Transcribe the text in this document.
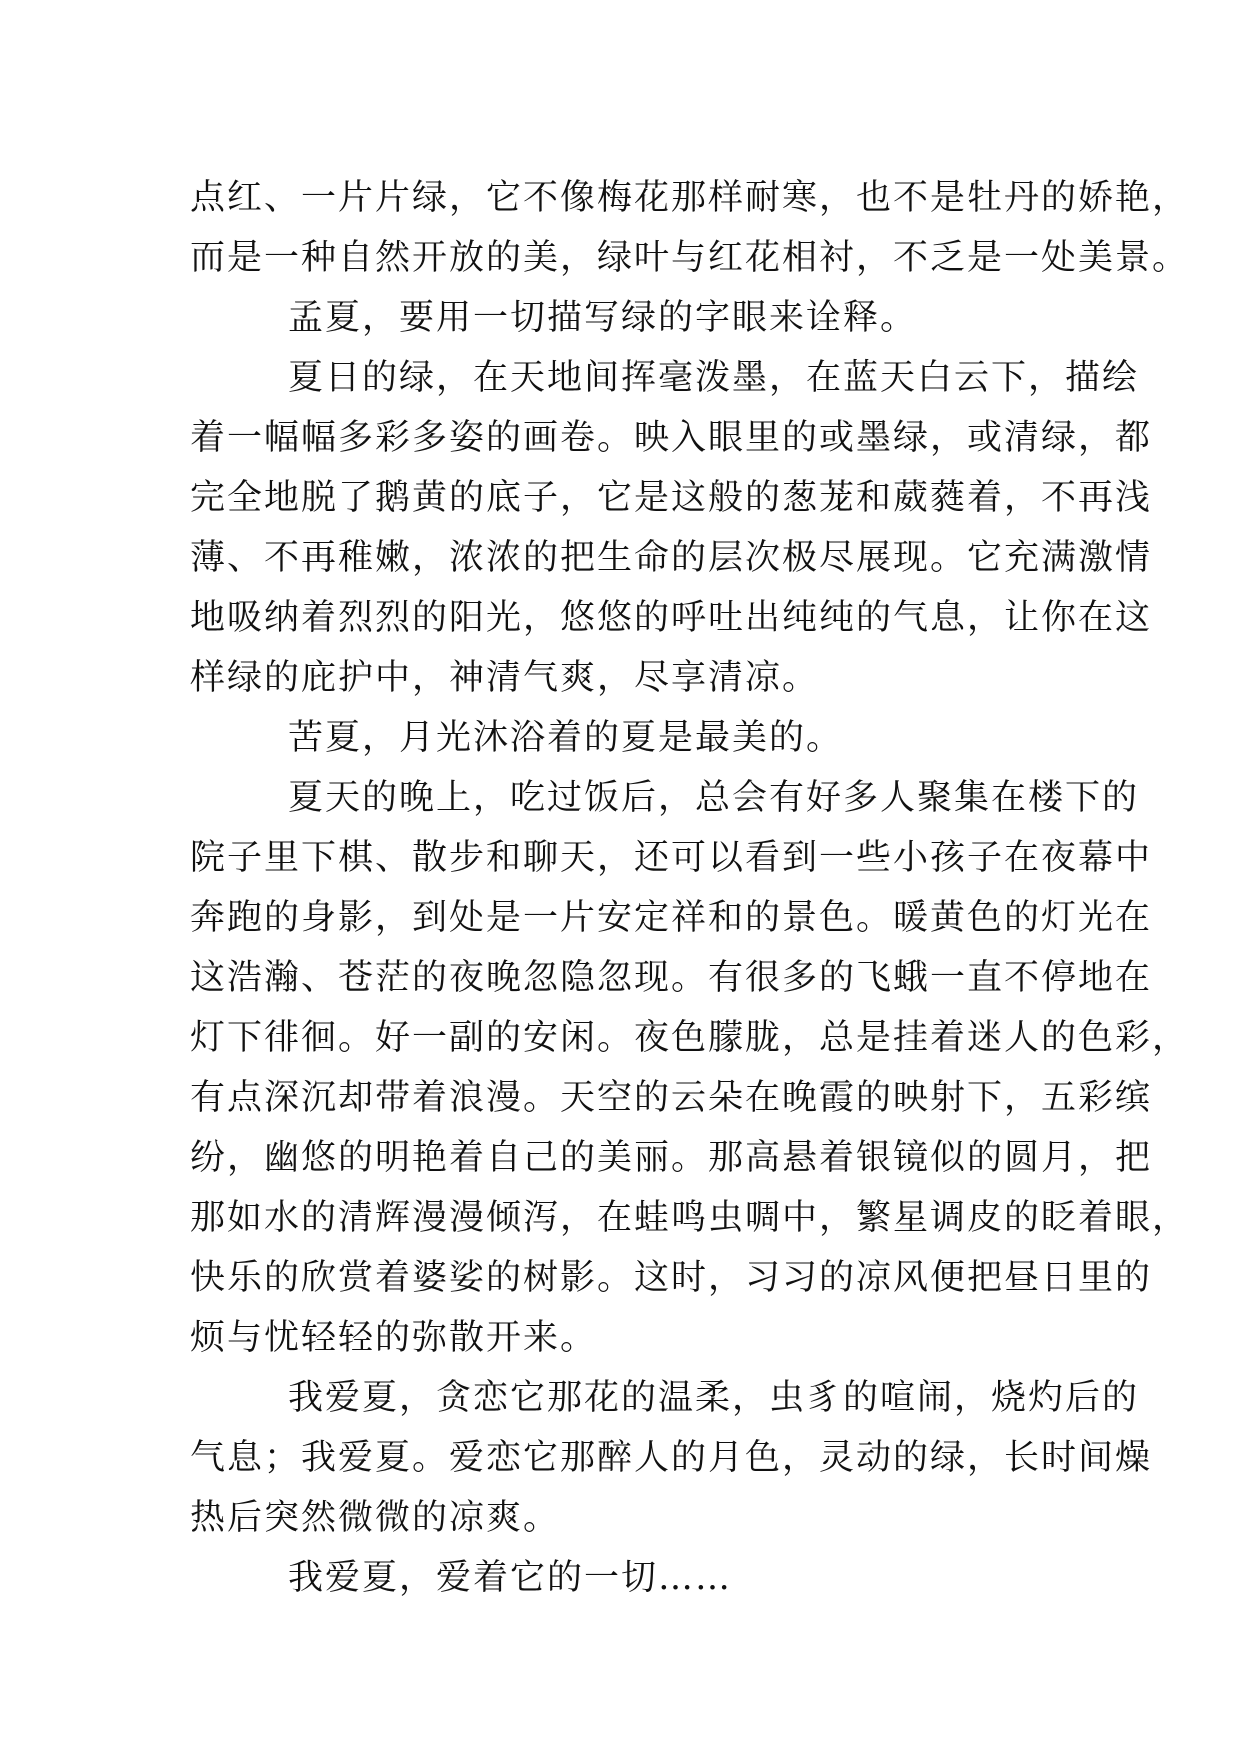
点红、一片片绿，它不像梅花那样耐寒，也不是牡丹的娇艳，
而是一种自然开放的美，绿叶与红花相衬，不乏是一处美景。
孟夏，要用一切描写绿的字眼来诠释。
夏日的绿，在天地间挥毫泼墨，在蓝天白云下，描绘
着一幅幅多彩多姿的画卷。映入眼里的或墨绿，或清绿，都
完全地脱了鹅黄的底子，它是这般的葱茏和葳蕤着，不再浅
薄、不再稚嫩，浓浓的把生命的层次极尽展现。它充满激情
地吸纳着烈烈的阳光，悠悠的呼吐出纯纯的气息，让你在这
样绿的庇护中，神清气爽，尽享清凉。
苦夏，月光沐浴着的夏是最美的。
夏天的晚上，吃过饭后，总会有好多人聚集在楼下的
院子里下棋、散步和聊天，还可以看到一些小孩子在夜幕中
奔跑的身影，到处是一片安定祥和的景色。暖黄色的灯光在
这浩瀚、苍茫的夜晚忽隐忽现。有很多的飞蛾一直不停地在
灯下徘徊。好一副的安闲。夜色朦胧，总是挂着迷人的色彩，
有点深沉却带着浪漫。天空的云朵在晚霞的映射下，五彩缤
纷，幽悠的明艳着自己的美丽。那高悬着银镜似的圆月，把
那如水的清辉漫漫倾泻，在蛙鸣虫啁中，繁星调皮的眨着眼，
快乐的欣赏着婆娑的树影。这时，习习的凉风便把昼日里的
烦与忧轻轻的弥散开来。
我爱夏，贪恋它那花的温柔，虫豸的喧闹，烧灼后的
气息；我爱夏。爱恋它那醉人的月色，灵动的绿，长时间燥
热后突然微微的凉爽。
我爱夏，爱着它的一切……
